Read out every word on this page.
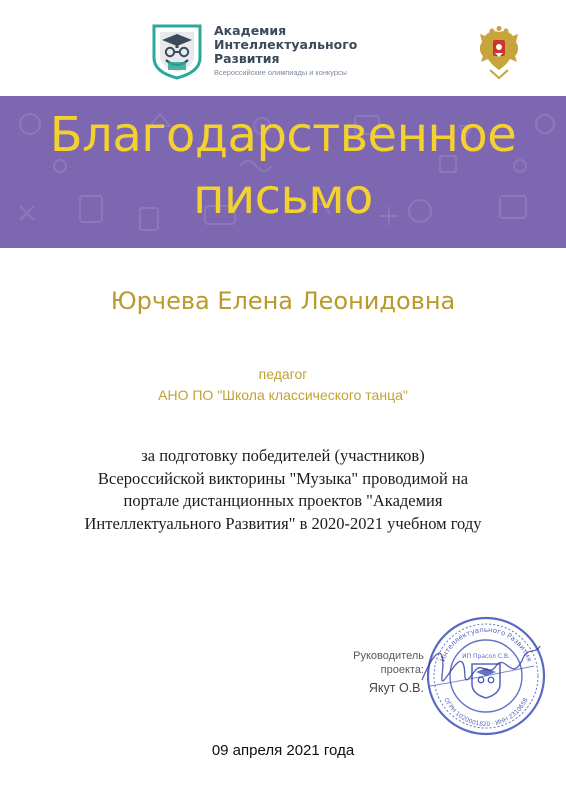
Академия
Интеллектуального
Развития
Всероссийские олимпиады и конкурсы
Благодарственное
письмо
Юрчева Елена Леонидовна
педагог
АНО ПО "Школа классического танца"
за подготовку победителей (участников)
Всероссийской викторины "Музыка" проводимой на
портале дистанционных проектов "Академия
Интеллектуального Развития" в 2020-2021 учебном году
Руководитель
проекта:
Якут О.В.
Интеллектуального Развития
ОГРН 1020001820 · ИНН 2310658
ИП Прасол С.В.
09 апреля 2021 года
